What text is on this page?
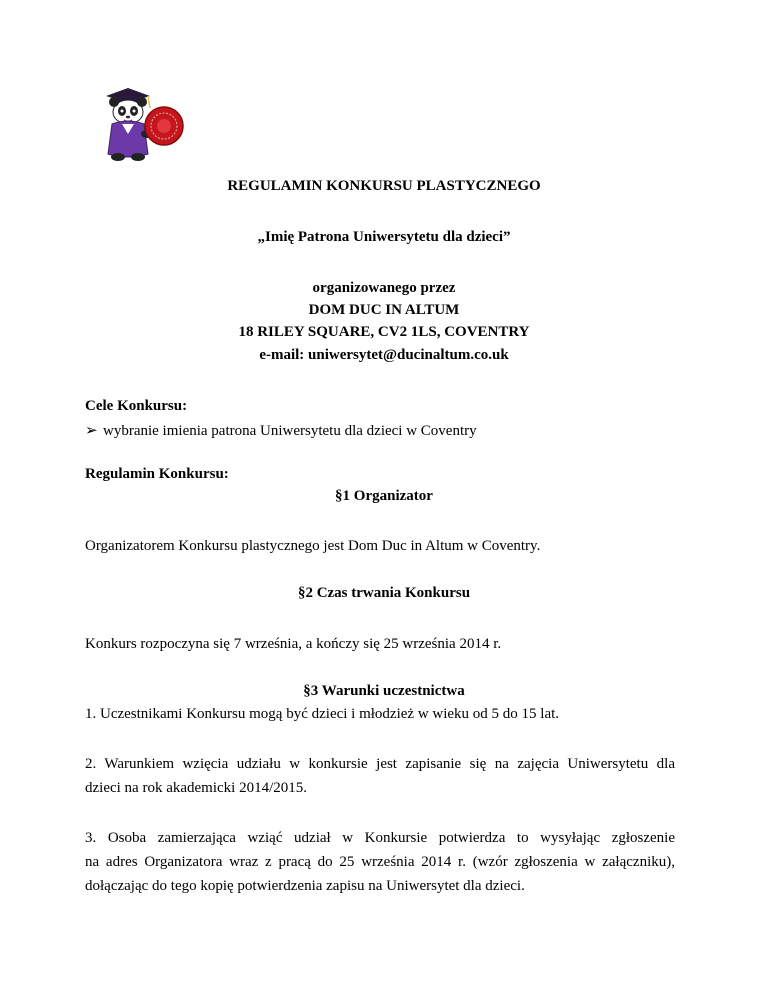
REGULAMIN KONKURSU PLASTYCZNEGO
„Imię Patrona Uniwersytetu dla dzieci”
organizowanego przez
DOM DUC IN ALTUM
18 RILEY SQUARE, CV2 1LS, COVENTRY
e-mail: uniwersytet@ducinaltum.co.uk
Cele Konkursu:
➢ wybranie imienia patrona Uniwersytetu dla dzieci w Coventry
Regulamin Konkursu:
§1 Organizator
Organizatorem Konkursu plastycznego jest Dom Duc in Altum w Coventry.
§2 Czas trwania Konkursu
Konkurs rozpoczyna się 7 września, a kończy się 25 września 2014 r.
§3 Warunki uczestnictwa
1. Uczestnikami Konkursu mogą być dzieci i młodzież w wieku od 5 do 15 lat.
2. Warunkiem wzięcia udziału w konkursie jest zapisanie się na zajęcia Uniwersytetu dla
dzieci na rok akademicki 2014/2015.
3. Osoba zamierzająca wziąć udział w Konkursie potwierdza to wysyłając zgłoszenie
na adres Organizatora wraz z pracą do 25 września 2014 r. (wzór zgłoszenia w załączniku),
dołączając do tego kopię potwierdzenia zapisu na Uniwersytet dla dzieci.
